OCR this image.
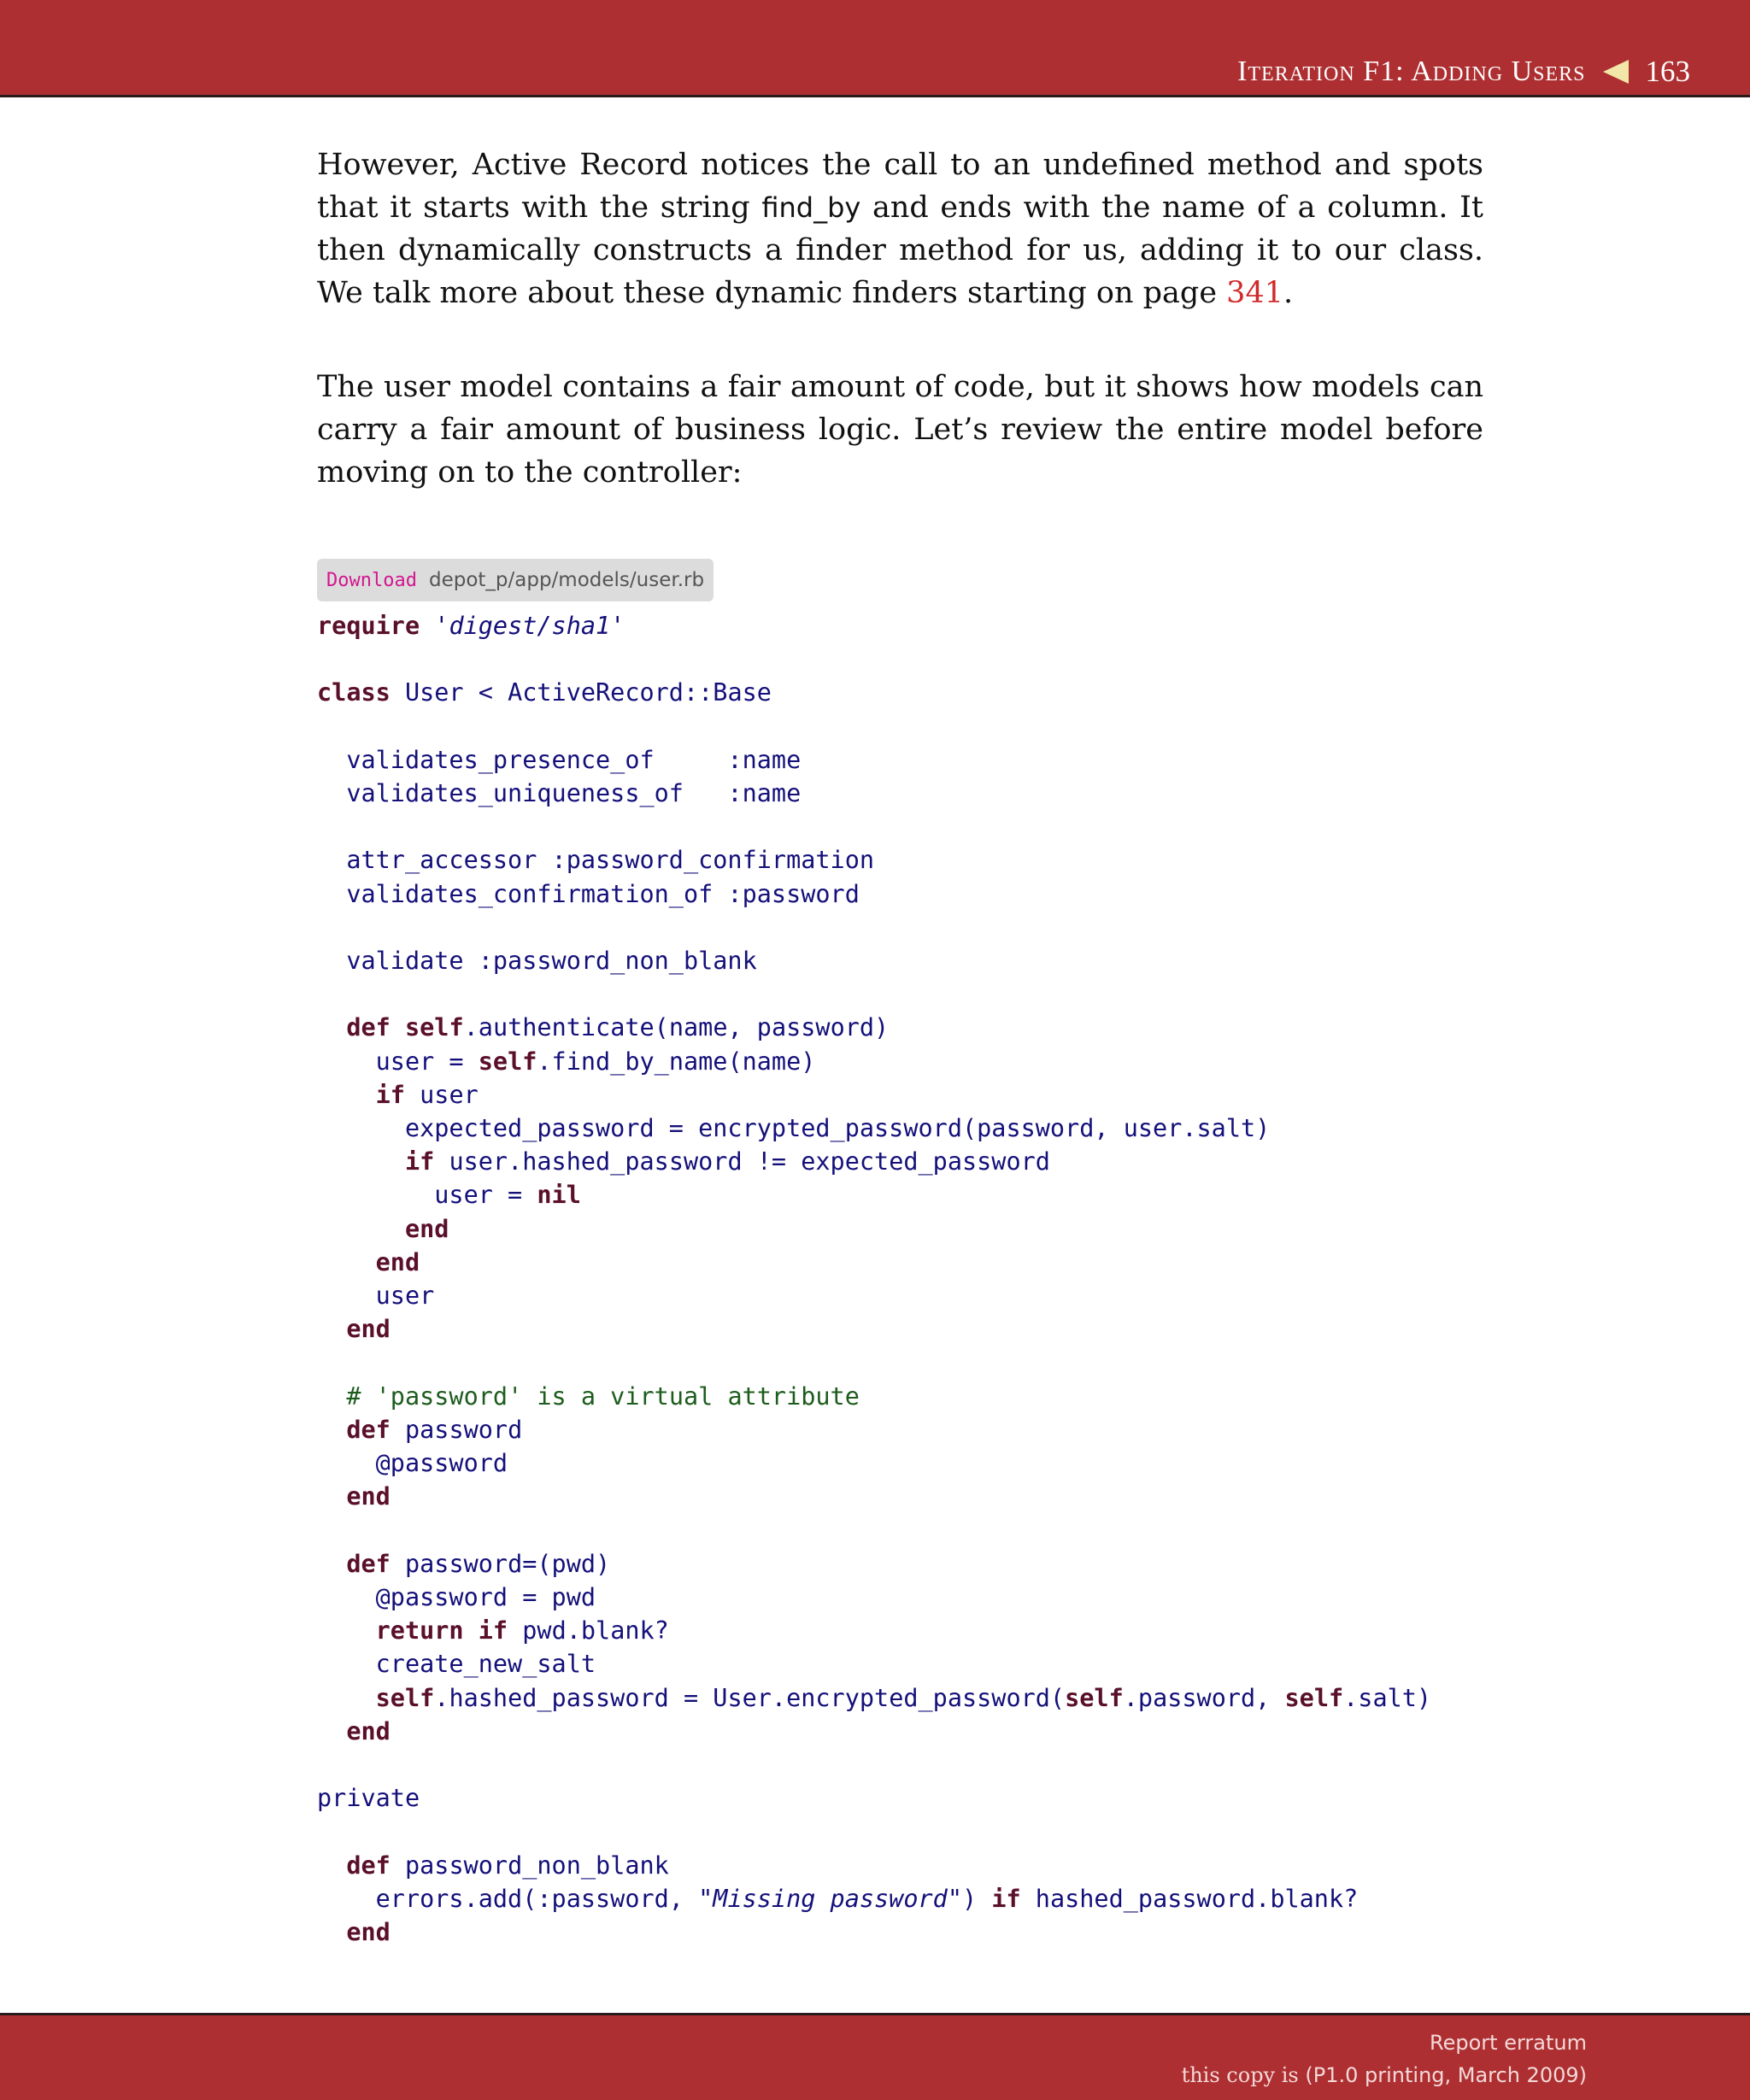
Iteration F1: Adding Users 163

However, Active Record notices the call to an undefined method and spots that it starts with the string find_by and ends with the name of a column. It then dynamically constructs a finder method for us, adding it to our class. We talk more about these dynamic finders starting on page 341.

The user model contains a fair amount of code, but it shows how models can carry a fair amount of business logic. Let’s review the entire model before moving on to the controller:

Download depot_p/app/models/user.rb
require 'digest/sha1'

class User < ActiveRecord::Base

validates_presence_of     :name
validates_uniqueness_of   :name

attr_accessor :password_confirmation
validates_confirmation_of :password

validate :password_non_blank

def self.authenticate(name, password)
user = self.find_by_name(name)
if user
expected_password = encrypted_password(password, user.salt)
if user.hashed_password != expected_password
user = nil
end
end
user
end

# 'password' is a virtual attribute
def password
@password
end

def password=(pwd)
@password = pwd
return if pwd.blank?
create_new_salt
self.hashed_password = User.encrypted_password(self.password, self.salt)
end

private

def password_non_blank
errors.add(:password, "Missing password") if hashed_password.blank?
end
Report erratum
this copy is (P1.0 printing, March 2009)
